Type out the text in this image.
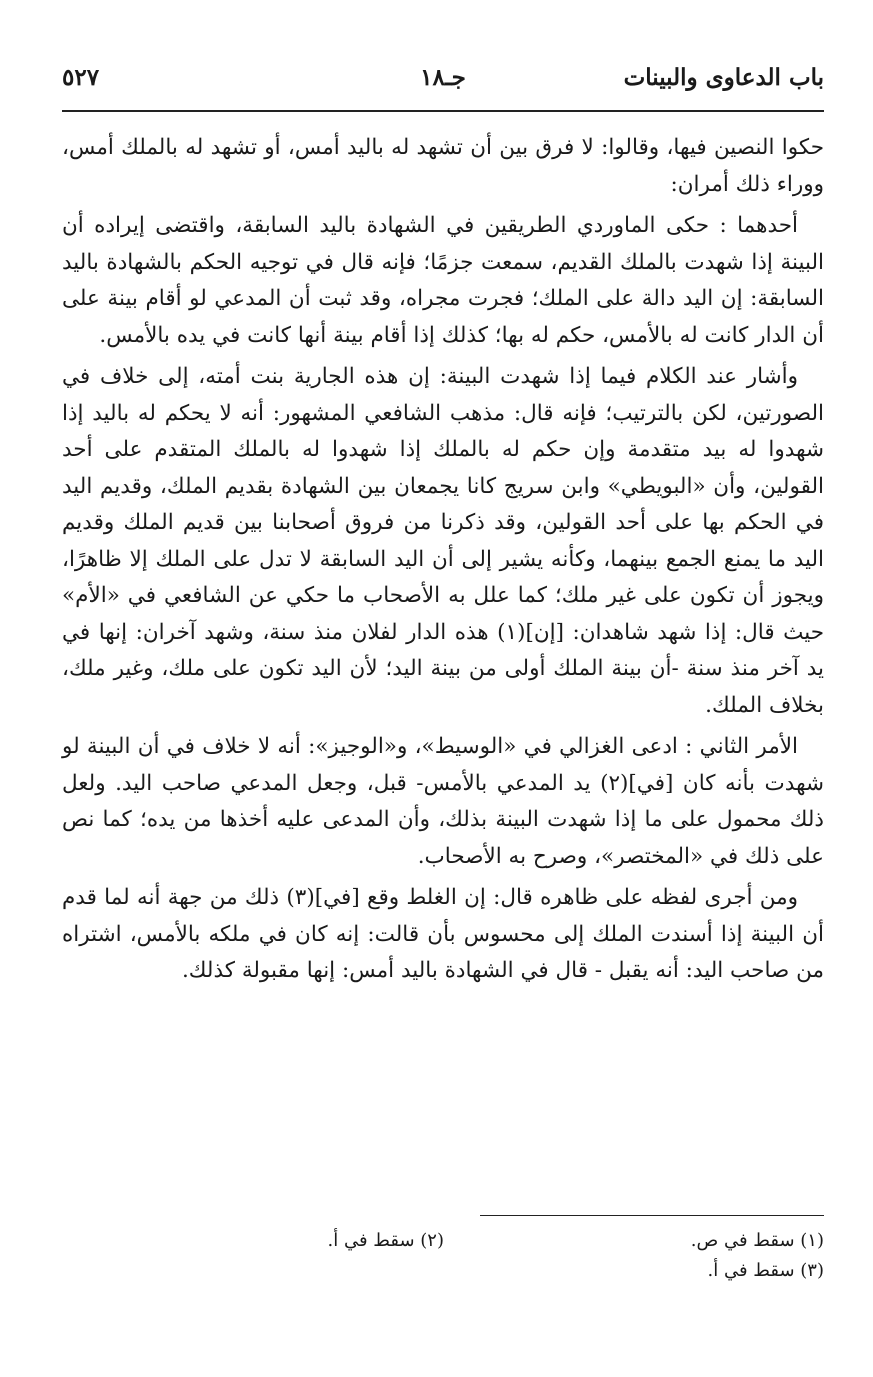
باب الدعاوى والبينات
جـ١٨
٥٢٧

حكوا النصين فيها، وقالوا: لا فرق بين أن تشهد له باليد أمس، أو تشهد له بالملك أمس، ووراء ذلك أمران:

أحدهما : حكى الماوردي الطريقين في الشهادة باليد السابقة، واقتضى إيراده أن البينة إذا شهدت بالملك القديم، سمعت جزمًا؛ فإنه قال في توجيه الحكم بالشهادة باليد السابقة: إن اليد دالة على الملك؛ فجرت مجراه، وقد ثبت أن المدعي لو أقام بينة على أن الدار كانت له بالأمس، حكم له بها؛ كذلك إذا أقام بينة أنها كانت في يده بالأمس.

وأشار عند الكلام فيما إذا شهدت البينة: إن هذه الجارية بنت أمته، إلى خلاف في الصورتين، لكن بالترتيب؛ فإنه قال: مذهب الشافعي المشهور: أنه لا يحكم له باليد إذا شهدوا له بيد متقدمة وإن حكم له بالملك إذا شهدوا له بالملك المتقدم على أحد القولين، وأن «البويطي» وابن سريج كانا يجمعان بين الشهادة بقديم الملك، وقديم اليد في الحكم بها على أحد القولين، وقد ذكرنا من فروق أصحابنا بين قديم الملك وقديم اليد ما يمنع الجمع بينهما، وكأنه يشير إلى أن اليد السابقة لا تدل على الملك إلا ظاهرًا، ويجوز أن تكون على غير ملك؛ كما علل به الأصحاب ما حكي عن الشافعي في «الأم» حيث قال: إذا شهد شاهدان: [إن](١) هذه الدار لفلان منذ سنة، وشهد آخران: إنها في يد آخر منذ سنة -أن بينة الملك أولى من بينة اليد؛ لأن اليد تكون على ملك، وغير ملك، بخلاف الملك.

الأمر الثاني : ادعى الغزالي في «الوسيط»، و«الوجيز»: أنه لا خلاف في أن البينة لو شهدت بأنه كان [في](٢) يد المدعي بالأمس- قبل، وجعل المدعي صاحب اليد. ولعل ذلك محمول على ما إذا شهدت البينة بذلك، وأن المدعى عليه أخذها من يده؛ كما نص على ذلك في «المختصر»، وصرح به الأصحاب.

ومن أجرى لفظه على ظاهره قال: إن الغلط وقع [في](٣) ذلك من جهة أنه لما قدم أن البينة إذا أسندت الملك إلى محسوس بأن قالت: إنه كان في ملكه بالأمس، اشتراه من صاحب اليد: أنه يقبل - قال في الشهادة باليد أمس: إنها مقبولة كذلك.

(١) سقط في ص.
(٢) سقط في أ.
(٣) سقط في أ.
